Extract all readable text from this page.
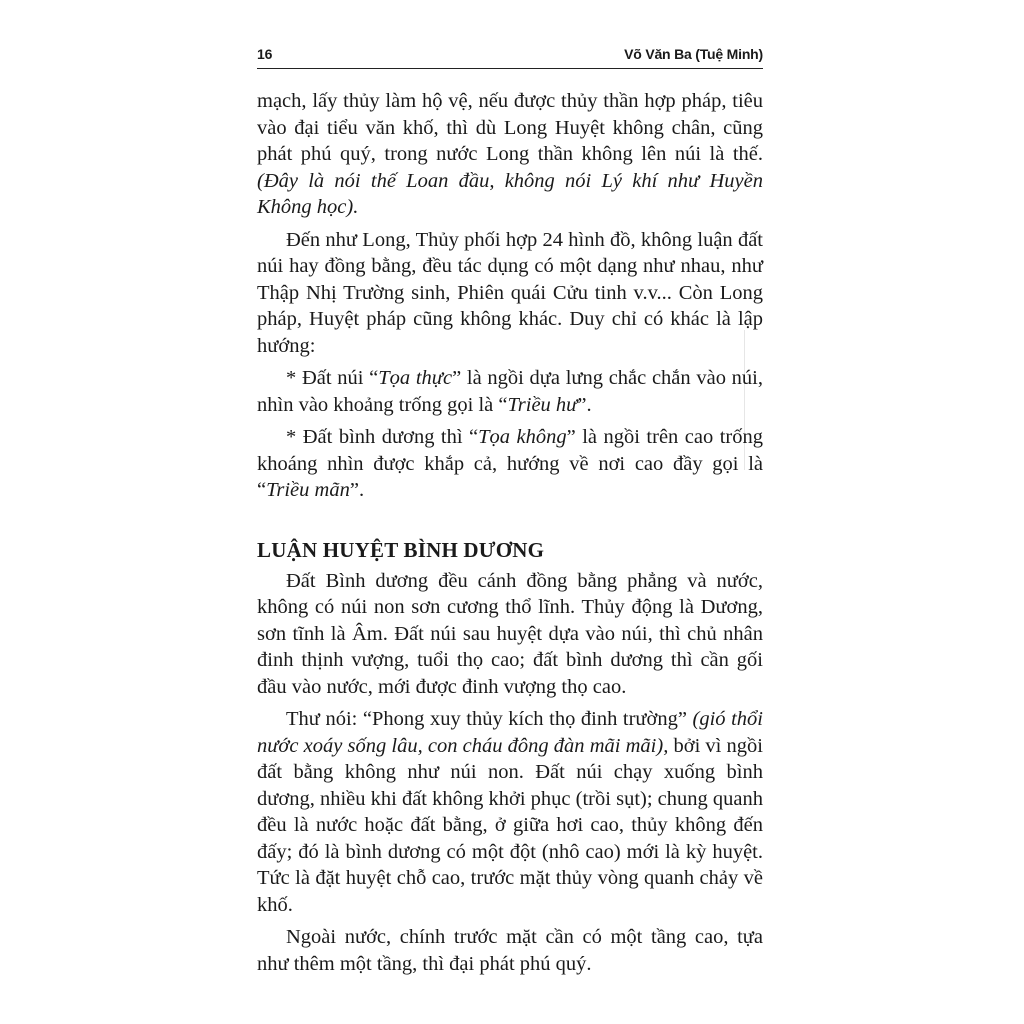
16	Võ Văn Ba (Tuệ Minh)

mạch, lấy thủy làm hộ vệ, nếu được thủy thần hợp pháp, tiêu vào đại tiểu văn khố, thì dù Long Huyệt không chân, cũng phát phú quý, trong nước Long thần không lên núi là thế. (Đây là nói thế Loan đầu, không nói Lý khí như Huyền Không học).

Đến như Long, Thủy phối hợp 24 hình đồ, không luận đất núi hay đồng bằng, đều tác dụng có một dạng như nhau, như Thập Nhị Trường sinh, Phiên quái Cửu tinh v.v... Còn Long pháp, Huyệt pháp cũng không khác. Duy chỉ có khác là lập hướng:

* Đất núi “Tọa thực” là ngồi dựa lưng chắc chắn vào núi, nhìn vào khoảng trống gọi là “Triều hư”.

* Đất bình dương thì “Tọa không” là ngồi trên cao trống khoáng nhìn được khắp cả, hướng về nơi cao đầy gọi là “Triều mãn”.

LUẬN HUYỆT BÌNH DƯƠNG

Đất Bình dương đều cánh đồng bằng phẳng và nước, không có núi non sơn cương thổ lĩnh. Thủy động là Dương, sơn tĩnh là Âm. Đất núi sau huyệt dựa vào núi, thì chủ nhân đinh thịnh vượng, tuổi thọ cao; đất bình dương thì cần gối đầu vào nước, mới được đinh vượng thọ cao.

Thư nói: “Phong xuy thủy kích thọ đinh trường” (gió thổi nước xoáy sống lâu, con cháu đông đàn mãi mãi), bởi vì ngồi đất bằng không như núi non. Đất núi chạy xuống bình dương, nhiều khi đất không khởi phục (trồi sụt); chung quanh đều là nước hoặc đất bằng, ở giữa hơi cao, thủy không đến đấy; đó là bình dương có một đột (nhô cao) mới là kỳ huyệt. Tức là đặt huyệt chỗ cao, trước mặt thủy vòng quanh chảy về khố.

Ngoài nước, chính trước mặt cần có một tầng cao, tựa như thêm một tầng, thì đại phát phú quý.
